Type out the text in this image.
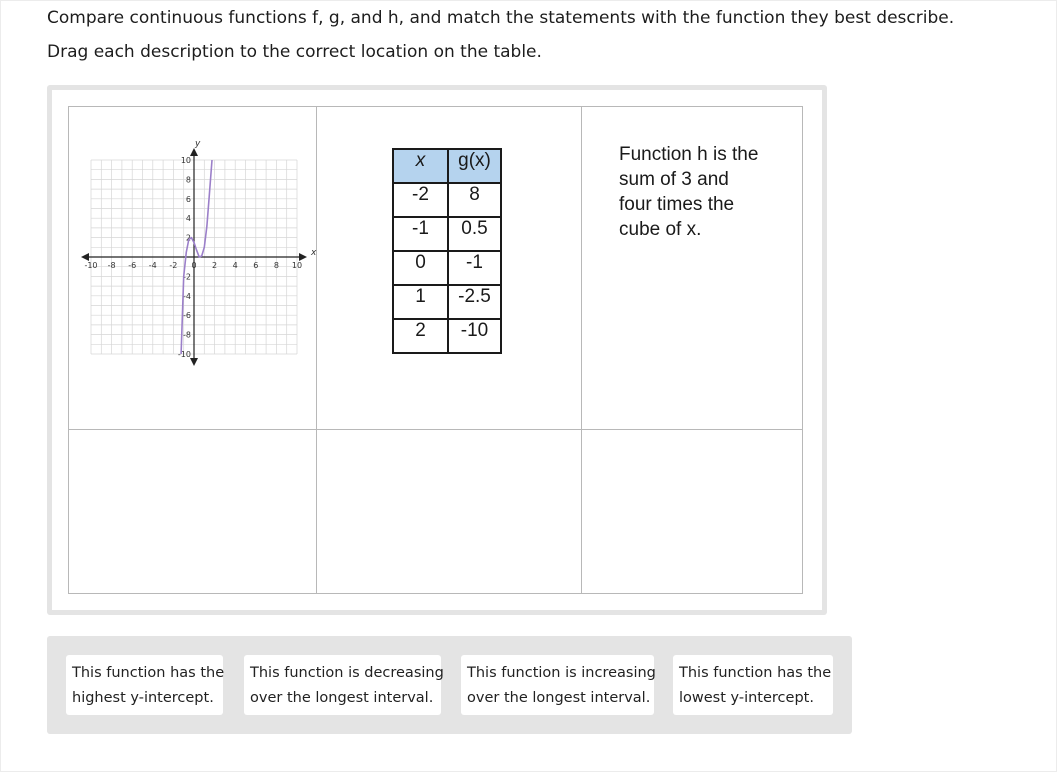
Compare continuous functions f, g, and h, and match the statements with the function they best describe.
Drag each description to the correct location on the table.
-10 -8 -6 -4 -2 0 2 4 6 8 10
10
8
6
4
2
-2
-4
-6
-8
-10
x
y

x	g(x)
-2	8
-1	0.5
0	-1
1	-2.5
2	-10

Function h is the
sum of 3 and
four times the
cube of x.

This function has the
highest y-intercept.
This function is decreasing
over the longest interval.
This function is increasing
over the longest interval.
This function has the
lowest y-intercept.
